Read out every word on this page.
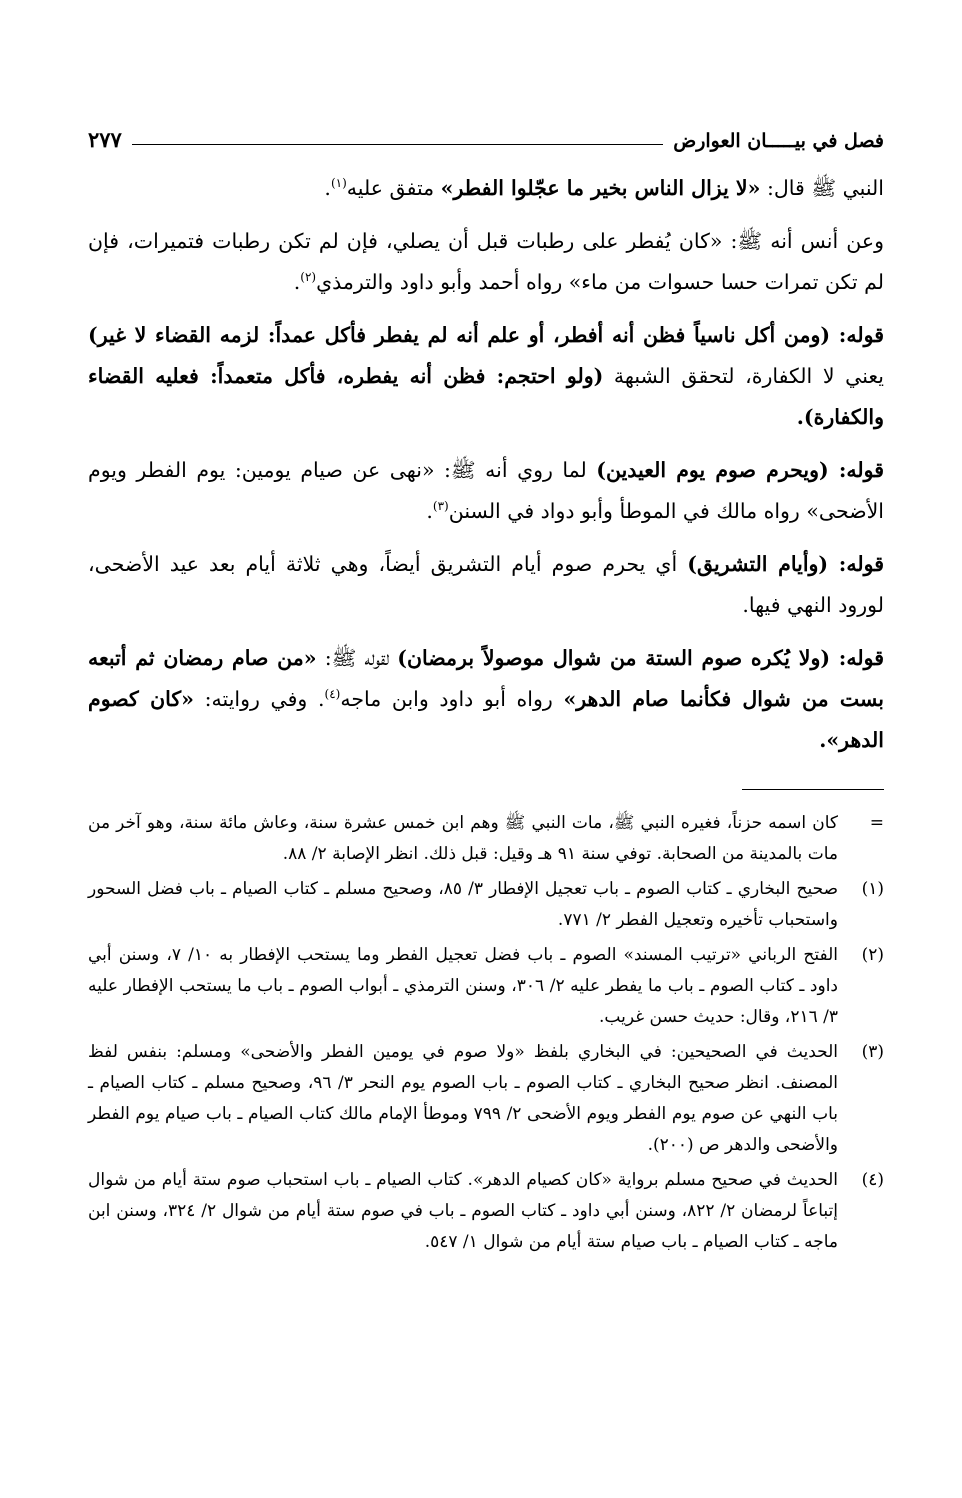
فصل في بيـــــان العوارض
٢٧٧

النبي ﷺ قال: «لا يزال الناس بخير ما عجّلوا الفطر» متفق عليه$^{(١)}$.

وعن أنس أنه ﷺ: «كان يُفطر على رطبات قبل أن يصلي، فإن لم تكن رطبات فتميرات، فإن لم تكن تمرات حسا حسوات من ماء» رواه أحمد وأبو داود والترمذي$^{(٢)}$.

قوله: (ومن أكل ناسياً فظن أنه أفطر، أو علم أنه لم يفطر فأكل عمداً: لزمه القضاء لا غير) يعني لا الكفارة، لتحقق الشبهة (ولو احتجم: فظن أنه يفطره، فأكل متعمداً: فعليه القضاء والكفارة).

قوله: (ويحرم صوم يوم العيدين) لما روي أنه ﷺ: «نهى عن صيام يومين: يوم الفطر ويوم الأضحى» رواه مالك في الموطأ وأبو دواد في السنن$^{(٣)}$.

قوله: (وأيام التشريق) أي يحرم صوم أيام التشريق أيضاً، وهي ثلاثة أيام بعد عيد الأضحى، لورود النهي فيها.

قوله: (ولا يُكره صوم الستة من شوال موصولاً برمضان) لقوله ﷺ: «من صام رمضان ثم أتبعه بست من شوال فكأنما صام الدهر» رواه أبو داود وابن ماجه$^{(٤)}$. وفي روايته: «كان كصوم الدهر».

=
كان اسمه حزناً، فغيره النبي ﷺ، مات النبي ﷺ وهم ابن خمس عشرة سنة، وعاش مائة سنة، وهو آخر من مات بالمدينة من الصحابة. توفي سنة ٩١ هـ وقيل: قبل ذلك. انظر الإصابة ٢/ ٨٨.
(١)
صحيح البخاري ـ كتاب الصوم ـ باب تعجيل الإفطار ٣/ ٨٥، وصحيح مسلم ـ كتاب الصيام ـ باب فضل السحور واستحباب تأخيره وتعجيل الفطر ٢/ ٧٧١.
(٢)
الفتح الرباني «ترتيب المسند» الصوم ـ باب فضل تعجيل الفطر وما يستحب الإفطار به ١٠/ ٧، وسنن أبي داود ـ كتاب الصوم ـ باب ما يفطر عليه ٢/ ٣٠٦، وسنن الترمذي ـ أبواب الصوم ـ باب ما يستحب الإفطار عليه ٣/ ٢١٦، وقال: حديث حسن غريب.
(٣)
الحديث في الصحيحين: في البخاري بلفظ «ولا صوم في يومين الفطر والأضحى» ومسلم: بنفس لفظ المصنف. انظر صحيح البخاري ـ كتاب الصوم ـ باب الصوم يوم النحر ٣/ ٩٦، وصحيح مسلم ـ كتاب الصيام ـ باب النهي عن صوم يوم الفطر ويوم الأضحى ٢/ ٧٩٩ وموطأ الإمام مالك كتاب الصيام ـ باب صيام يوم الفطر والأضحى والدهر ص (٢٠٠).
(٤)
الحديث في صحيح مسلم برواية «كان كصيام الدهر». كتاب الصيام ـ باب استحباب صوم ستة أيام من شوال إتباعاً لرمضان ٢/ ٨٢٢، وسنن أبي داود ـ كتاب الصوم ـ باب في صوم ستة أيام من شوال ٢/ ٣٢٤، وسنن ابن ماجه ـ كتاب الصيام ـ باب صيام ستة أيام من شوال ١/ ٥٤٧.
